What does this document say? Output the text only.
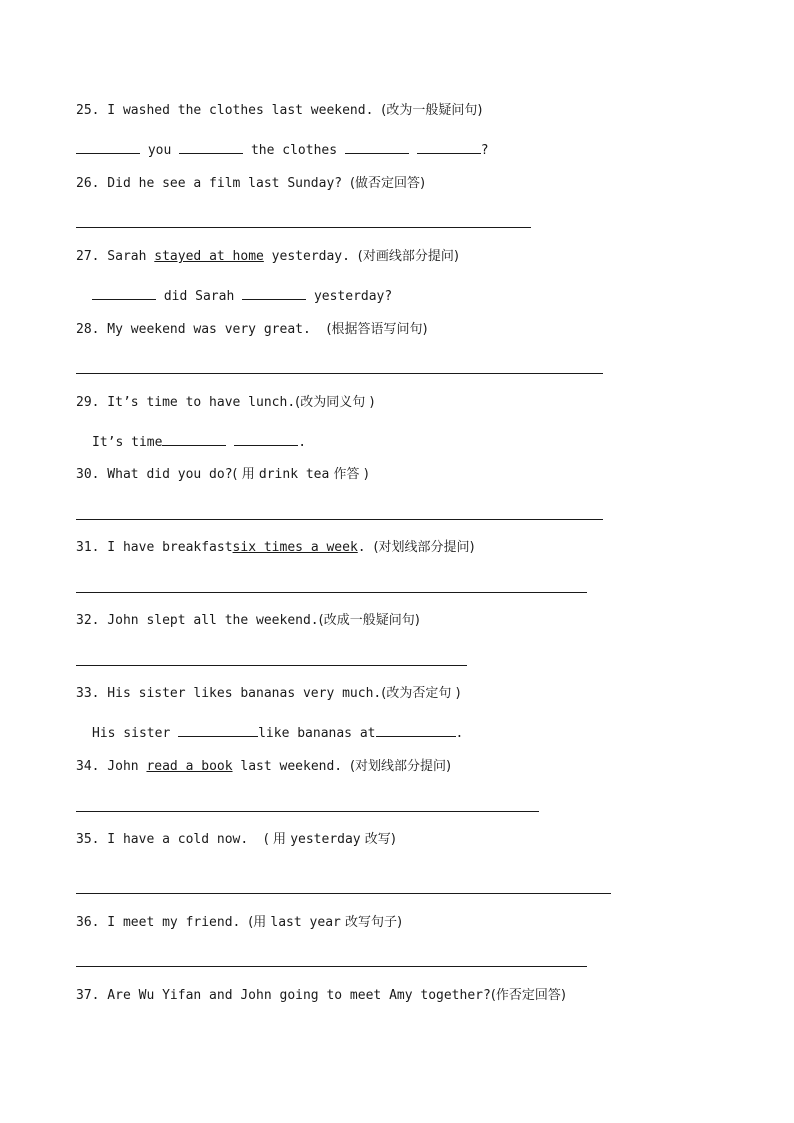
25. I washed the clothes last weekend. (改为一般疑问句)
you	the clothes	?
26. Did he see a film last Sunday? (做否定回答)
27. Sarah stayed at home yesterday. (对画线部分提问)
did Sarah	yesterday?
28. My weekend was very great.  (根据答语写问句)
29. It’s time to have lunch.(改为同义句 )
It’s time	.
30. What did you do?( 用 drink tea 作答 )
31. I have breakfastsix times a week. (对划线部分提问)
32. John slept all the weekend.(改成一般疑问句)
33. His sister likes bananas very much.(改为否定句 )
His sister	like bananas at	.
34. John read a book last weekend. (对划线部分提问)
35. I have a cold now.  ( 用 yesterday 改写)
36. I meet my friend. (用 last year 改写句子)
37. Are Wu Yifan and John going to meet Amy together?(作否定回答)
